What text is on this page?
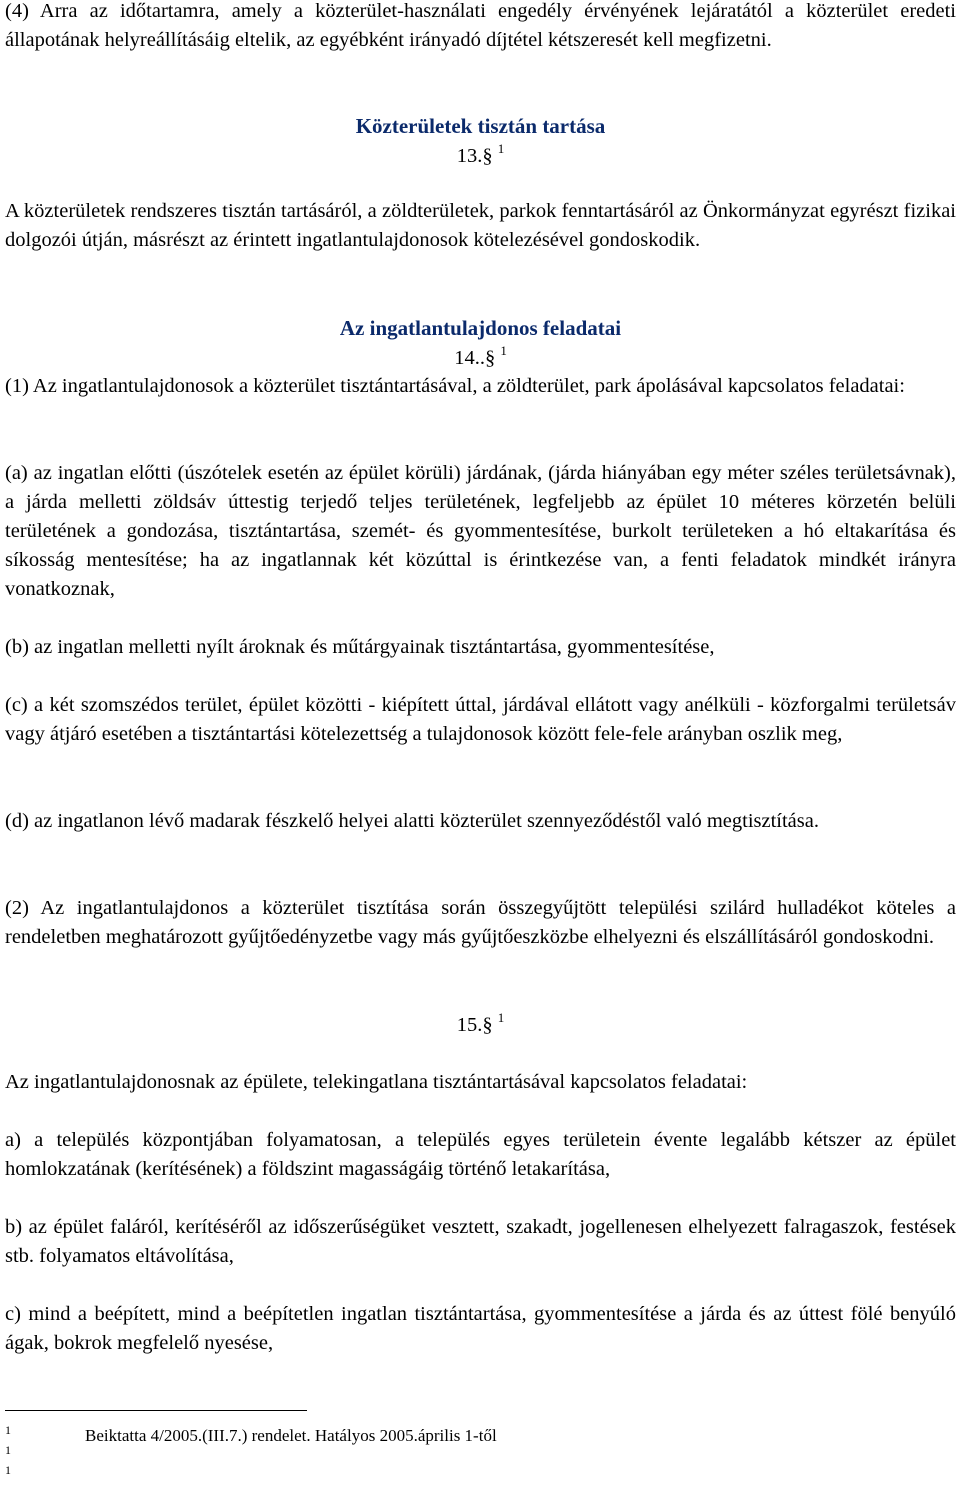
(4) Arra az időtartamra, amely a közterület-használati engedély érvényének lejáratától a közterület eredeti állapotának helyreállításáig eltelik, az egyébként irányadó díjtétel kétszeresét kell megfizetni.

Közterületek tisztán tartása

13.§ $^1$

A közterületek rendszeres tisztán tartásáról, a zöldterületek, parkok fenntartásáról az Önkormányzat egyrészt fizikai dolgozói útján, másrészt az érintett ingatlantulajdonosok kötelezésével gondoskodik.

Az ingatlantulajdonos feladatai

14..§ $^1$

(1) Az ingatlantulajdonosok a közterület tisztántartásával, a zöldterület, park ápolásával kapcsolatos feladatai:

(a) az ingatlan előtti (úszótelek esetén az épület körüli) járdának, (járda hiányában egy méter széles területsávnak), a járda melletti zöldsáv úttestig terjedő teljes területének, legfeljebb az épület 10 méteres körzetén belüli területének a gondozása, tisztántartása, szemét- és gyommentesítése, burkolt területeken a hó eltakarítása és síkosság mentesítése; ha az ingatlannak két közúttal is érintkezése van, a fenti feladatok mindkét irányra vonatkoznak,

(b) az ingatlan melletti nyílt ároknak és műtárgyainak tisztántartása, gyommentesítése,

(c) a két szomszédos terület, épület közötti - kiépített úttal, járdával ellátott vagy anélküli - közforgalmi területsáv vagy átjáró esetében a tisztántartási kötelezettség a tulajdonosok között fele-fele arányban oszlik meg,

(d) az ingatlanon lévő madarak fészkelő helyei alatti közterület szennyeződéstől való megtisztítása.

(2) Az ingatlantulajdonos a közterület tisztítása során összegyűjtött települési szilárd hulladékot köteles a rendeletben meghatározott gyűjtőedényzetbe vagy más gyűjtőeszközbe elhelyezni és elszállításáról gondoskodni.

15.§ $^1$

Az ingatlantulajdonosnak az épülete, telekingatlana tisztántartásával kapcsolatos feladatai:

a) a település központjában folyamatosan, a település egyes területein évente legalább kétszer az épület homlokzatának (kerítésének) a földszint magasságáig történő letakarítása,

b) az épület faláról, kerítéséről az időszerűségüket vesztett, szakadt, jogellenesen elhelyezett falragaszok, festések stb. folyamatos eltávolítása,

c) mind a beépített, mind a beépítetlen ingatlan tisztántartása, gyommentesítése a járda és az úttest fölé benyúló ágak, bokrok megfelelő nyesése,

$^1$	Beiktatta 4/2005.(III.7.) rendelet. Hatályos 2005.április 1-től
$^1$
$^1$
